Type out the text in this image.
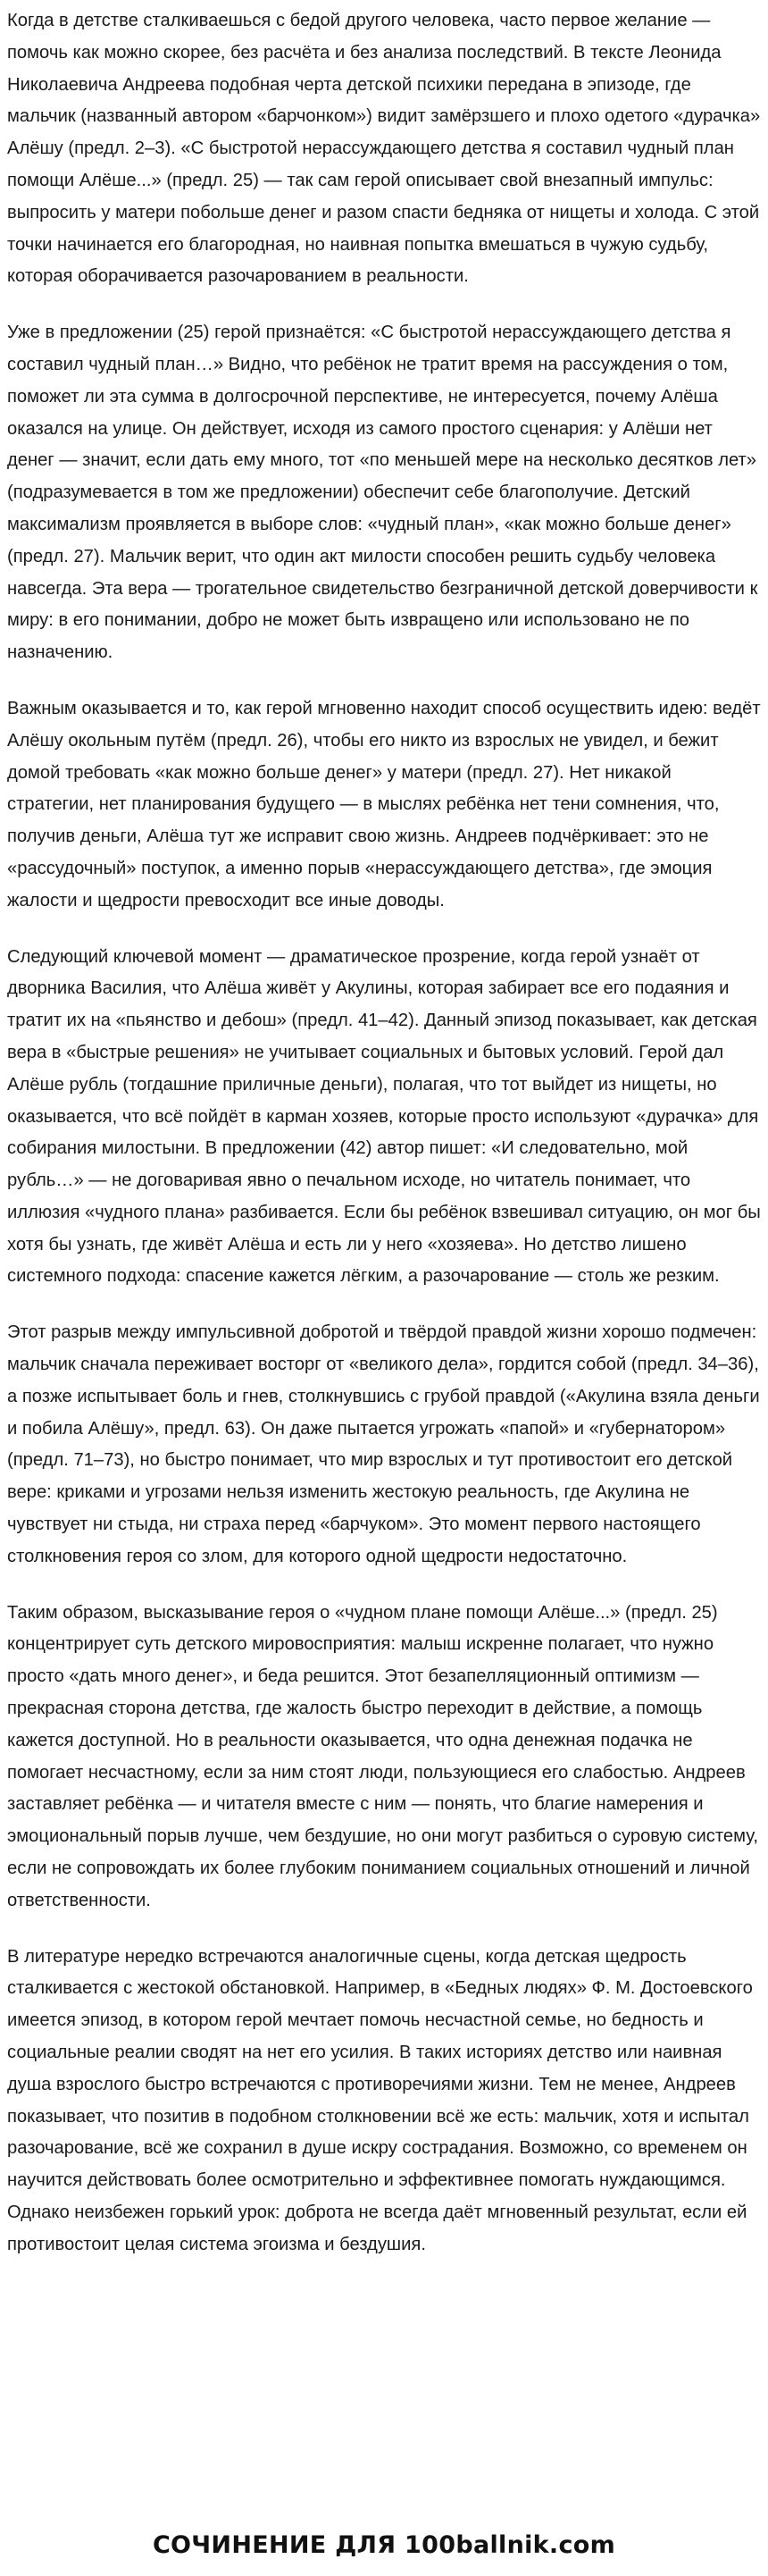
Когда в детстве сталкиваешься с бедой другого человека, часто первое желание — помочь как можно скорее, без расчёта и без анализа последствий. В тексте Леонида Николаевича Андреева подобная черта детской психики передана в эпизоде, где мальчик (названный автором «барчонком») видит замёрзшего и плохо одетого «дурачка» Алёшу (предл. 2–3). «С быстротой нерассуждающего детства я составил чудный план помощи Алёше...» (предл. 25) — так сам герой описывает свой внезапный импульс: выпросить у матери побольше денег и разом спасти бедняка от нищеты и холода. С этой точки начинается его благородная, но наивная попытка вмешаться в чужую судьбу, которая оборачивается разочарованием в реальности.

Уже в предложении (25) герой признаётся: «С быстротой нерассуждающего детства я составил чудный план…» Видно, что ребёнок не тратит время на рассуждения о том, поможет ли эта сумма в долгосрочной перспективе, не интересуется, почему Алёша оказался на улице. Он действует, исходя из самого простого сценария: у Алёши нет денег — значит, если дать ему много, тот «по меньшей мере на несколько десятков лет» (подразумевается в том же предложении) обеспечит себе благополучие. Детский максимализм проявляется в выборе слов: «чудный план», «как можно больше денег» (предл. 27). Мальчик верит, что один акт милости способен решить судьбу человека навсегда. Эта вера — трогательное свидетельство безграничной детской доверчивости к миру: в его понимании, добро не может быть извращено или использовано не по назначению.

Важным оказывается и то, как герой мгновенно находит способ осуществить идею: ведёт Алёшу окольным путём (предл. 26), чтобы его никто из взрослых не увидел, и бежит домой требовать «как можно больше денег» у матери (предл. 27). Нет никакой стратегии, нет планирования будущего — в мыслях ребёнка нет тени сомнения, что, получив деньги, Алёша тут же исправит свою жизнь. Андреев подчёркивает: это не «рассудочный» поступок, а именно порыв «нерассуждающего детства», где эмоция жалости и щедрости превосходит все иные доводы.

Следующий ключевой момент — драматическое прозрение, когда герой узнаёт от дворника Василия, что Алёша живёт у Акулины, которая забирает все его подаяния и тратит их на «пьянство и дебош» (предл. 41–42). Данный эпизод показывает, как детская вера в «быстрые решения» не учитывает социальных и бытовых условий. Герой дал Алёше рубль (тогдашние приличные деньги), полагая, что тот выйдет из нищеты, но оказывается, что всё пойдёт в карман хозяев, которые просто используют «дурачка» для собирания милостыни. В предложении (42) автор пишет: «И следовательно, мой рубль…» — не договаривая явно о печальном исходе, но читатель понимает, что иллюзия «чудного плана» разбивается. Если бы ребёнок взвешивал ситуацию, он мог бы хотя бы узнать, где живёт Алёша и есть ли у него «хозяева». Но детство лишено системного подхода: спасение кажется лёгким, а разочарование — столь же резким.

Этот разрыв между импульсивной добротой и твёрдой правдой жизни хорошо подмечен: мальчик сначала переживает восторг от «великого дела», гордится собой (предл. 34–36), а позже испытывает боль и гнев, столкнувшись с грубой правдой («Акулина взяла деньги и побила Алёшу», предл. 63). Он даже пытается угрожать «папой» и «губернатором» (предл. 71–73), но быстро понимает, что мир взрослых и тут противостоит его детской вере: криками и угрозами нельзя изменить жестокую реальность, где Акулина не чувствует ни стыда, ни страха перед «барчуком». Это момент первого настоящего столкновения героя со злом, для которого одной щедрости недостаточно.

Таким образом, высказывание героя о «чудном плане помощи Алёше...» (предл. 25) концентрирует суть детского мировосприятия: малыш искренне полагает, что нужно просто «дать много денег», и беда решится. Этот безапелляционный оптимизм — прекрасная сторона детства, где жалость быстро переходит в действие, а помощь кажется доступной. Но в реальности оказывается, что одна денежная подачка не помогает несчастному, если за ним стоят люди, пользующиеся его слабостью. Андреев заставляет ребёнка — и читателя вместе с ним — понять, что благие намерения и эмоциональный порыв лучше, чем бездушие, но они могут разбиться о суровую систему, если не сопровождать их более глубоким пониманием социальных отношений и личной ответственности.

В литературе нередко встречаются аналогичные сцены, когда детская щедрость сталкивается с жестокой обстановкой. Например, в «Бедных людях» Ф. М. Достоевского имеется эпизод, в котором герой мечтает помочь несчастной семье, но бедность и социальные реалии сводят на нет его усилия. В таких историях детство или наивная душа взрослого быстро встречаются с противоречиями жизни. Тем не менее, Андреев показывает, что позитив в подобном столкновении всё же есть: мальчик, хотя и испытал разочарование, всё же сохранил в душе искру сострадания. Возможно, со временем он научится действовать более осмотрительно и эффективнее помогать нуждающимся. Однако неизбежен горький урок: доброта не всегда даёт мгновенный результат, если ей противостоит целая система эгоизма и бездушия.

СОЧИНЕНИЕ ДЛЯ 100ballnik.com
